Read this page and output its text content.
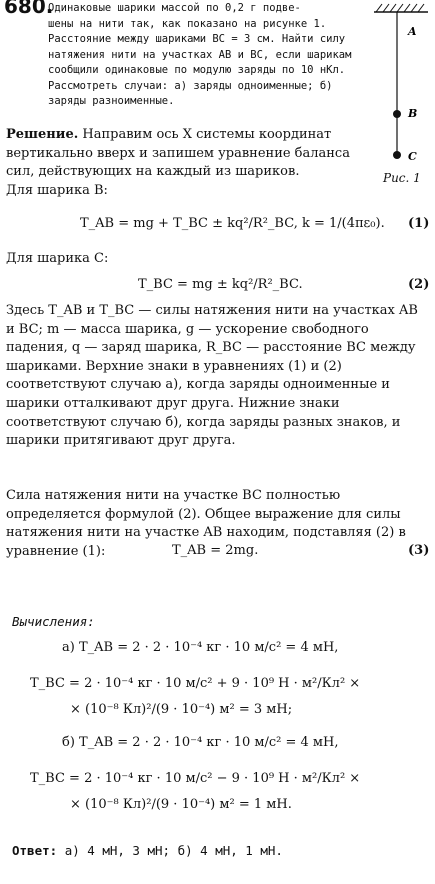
680.
Одинаковые шарики массой по 0,2 г подве-
шены на нити так, как показано на рисунке 1. Расстояние между шариками BC = 3 см. Найти силу натяжения нити на участках AB и BC, если шарикам сообщили одинаковые по модулю заряды по 10 нКл. Рассмотреть случаи: а) заряды одноименные; б) заряды разноименные.
A
B
C
Рис. 1
Решение. Направим ось X системы координат вертикально вверх и запишем уравнение баланса сил, действующих на каждый из шариков.
Для шарика B:
T_AB = mg + T_BC ± kq²/R²_BC, k = 1/(4πε₀). (1)
Для шарика C:
T_BC = mg ± kq²/R²_BC.	(2)
Здесь T_AB и T_BC — силы натяжения нити на участках AB и BC; m — масса шарика, g — ускорение свободного падения, q — заряд шарика, R_BC — расстояние BC между шариками. Верхние знаки в уравнениях (1) и (2) соответствуют случаю а), когда заряды одноименные и шарики отталкивают друг друга. Нижние знаки соответствуют случаю б), когда заряды разных знаков, и шарики притягивают друг друга.
Сила натяжения нити на участке BC полностью определяется формулой (2). Общее выражение для силы натяжения нити на участке AB находим, подставляя (2) в уравнение (1):	T_AB = 2mg.	(3)
Вычисления:
а) T_AB = 2 · 2 · 10⁻⁴ кг · 10 м/с² = 4 мН,
T_BC = 2 · 10⁻⁴ кг · 10 м/с² + 9 · 10⁹ Н · м²/Кл² ×
× (10⁻⁸ Кл)²/(9 · 10⁻⁴) м² = 3 мН;
б) T_AB = 2 · 2 · 10⁻⁴ кг · 10 м/с² = 4 мН,
T_BC = 2 · 10⁻⁴ кг · 10 м/с² − 9 · 10⁹ Н · м²/Кл² ×
× (10⁻⁸ Кл)²/(9 · 10⁻⁴) м² = 1 мН.
Ответ: а) 4 мН, 3 мН; б) 4 мН, 1 мН.
